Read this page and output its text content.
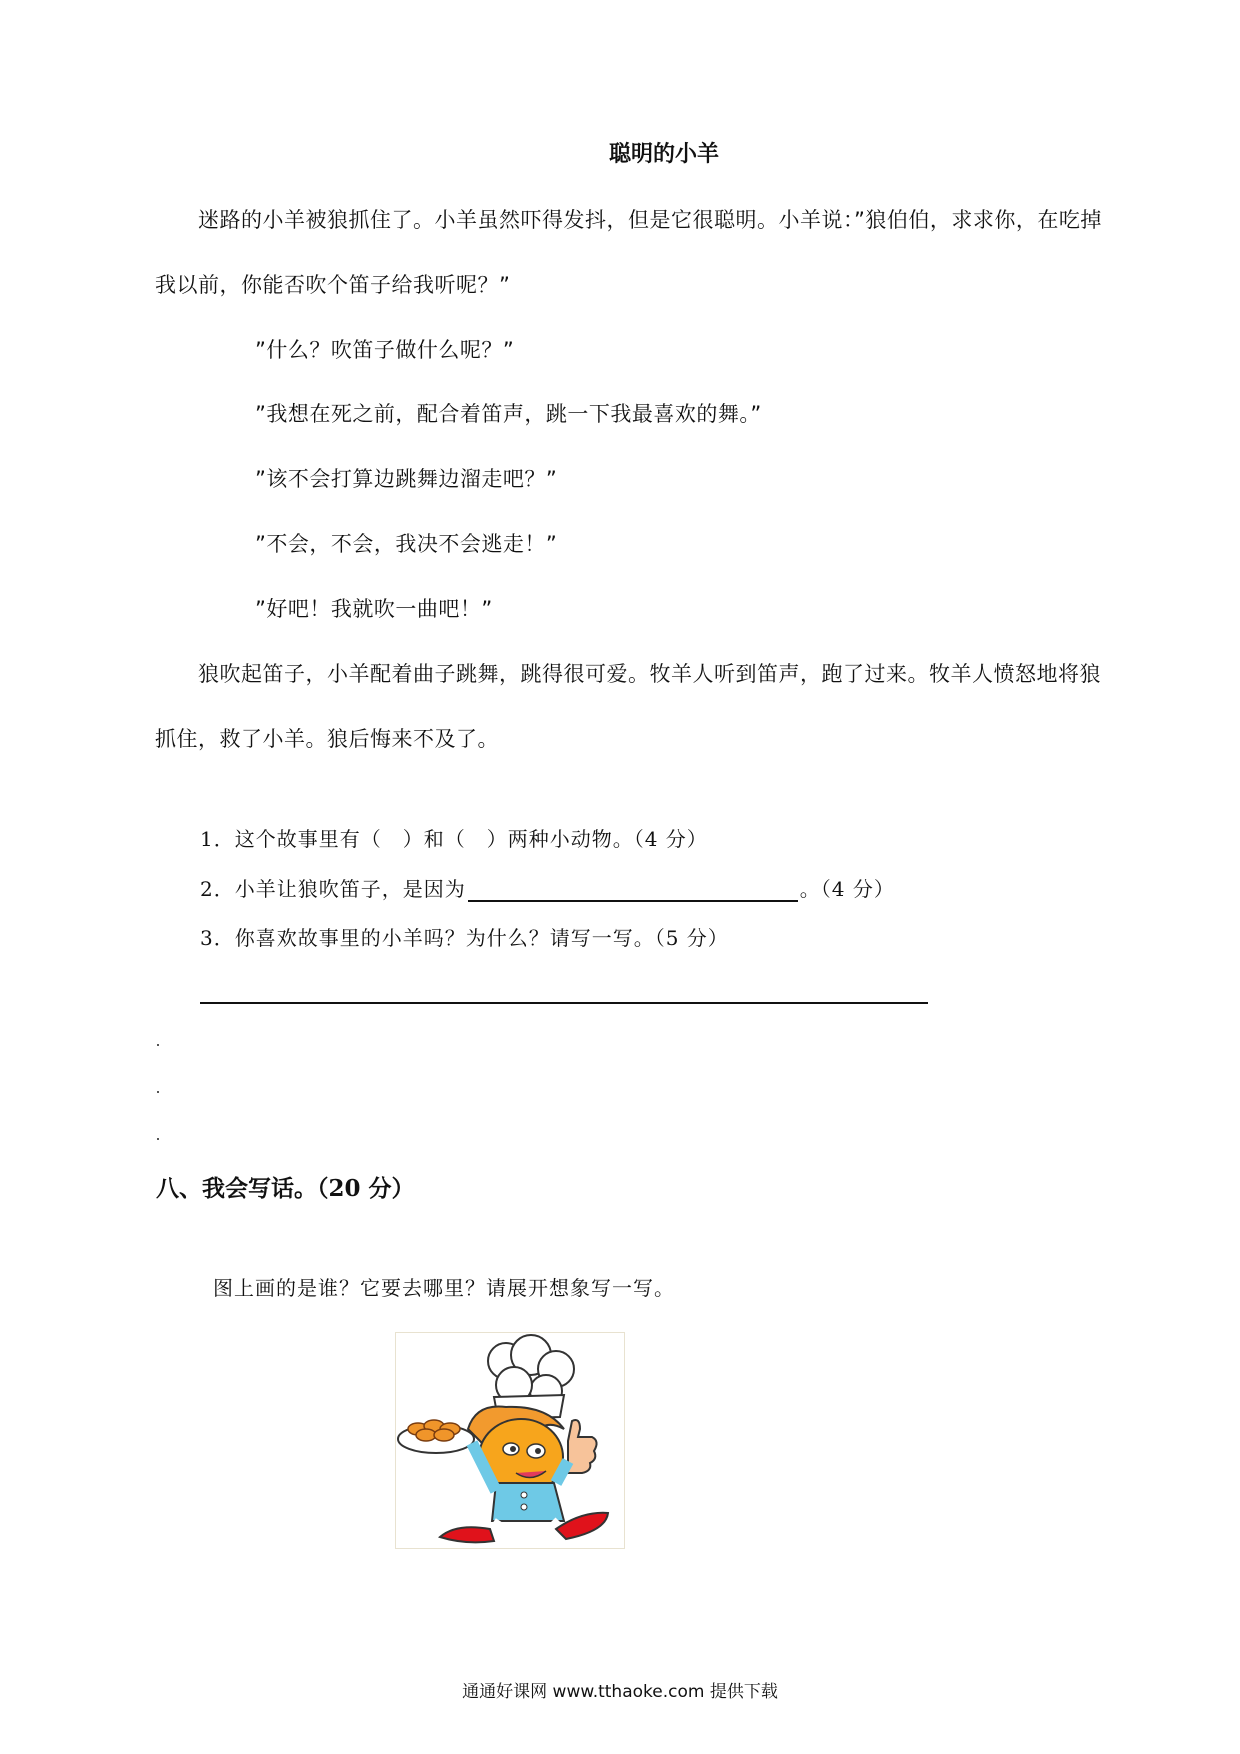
聪明的小羊
迷路的小羊被狼抓住了。小羊虽然吓得发抖，但是它很聪明。小羊说：”狼伯伯，求求你，在吃掉
我以前，你能否吹个笛子给我听呢？”
”什么？吹笛子做什么呢？”
”我想在死之前，配合着笛声，跳一下我最喜欢的舞。”
”该不会打算边跳舞边溜走吧？”
”不会，不会，我决不会逃走！”
”好吧！我就吹一曲吧！”
狼吹起笛子，小羊配着曲子跳舞，跳得很可爱。牧羊人听到笛声，跑了过来。牧羊人愤怒地将狼
抓住，救了小羊。狼后悔来不及了。
1．这个故事里有（　）和（　）两种小动物。（4 分）
2．小羊让狼吹笛子，是因为	。（4 分）
3．你喜欢故事里的小羊吗？为什么？请写一写。（5 分）
八、我会写话。（20 分）
图上画的是谁？它要去哪里？请展开想象写一写。
通通好课网 www.tthaoke.com 提供下载
